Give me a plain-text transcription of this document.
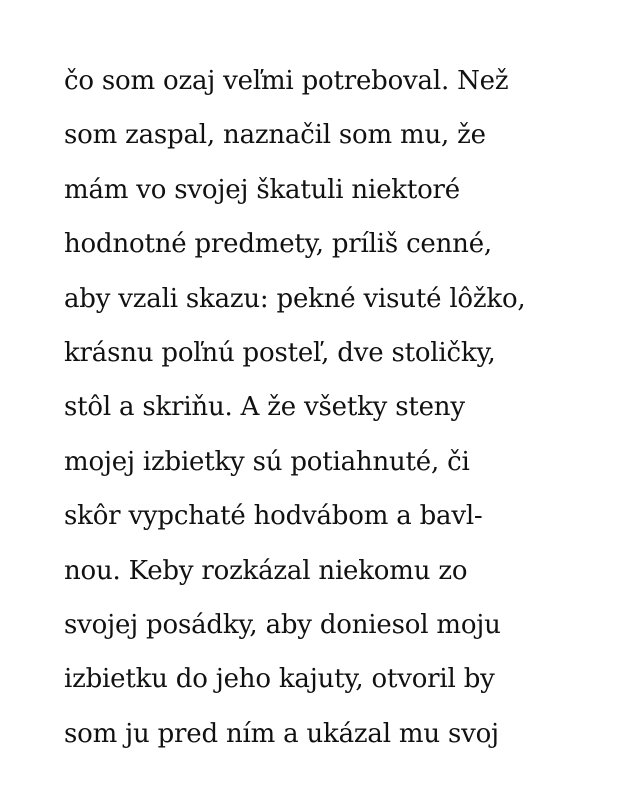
čo som ozaj veľmi potreboval. Než
som zaspal, naznačil som mu, že
mám vo svojej škatuli niektoré
hodnotné predmety, príliš cenné,
aby vzali skazu: pekné visuté lôžko,
krásnu poľnú posteľ, dve stoličky,
stôl a skriňu. A že všetky steny
mojej izbietky sú potiahnuté, či
skôr vypchaté hodvábom a bavl-
nou. Keby rozkázal niekomu zo
svojej posádky, aby doniesol moju
izbietku do jeho kajuty, otvoril by
som ju pred ním a ukázal mu svoj
